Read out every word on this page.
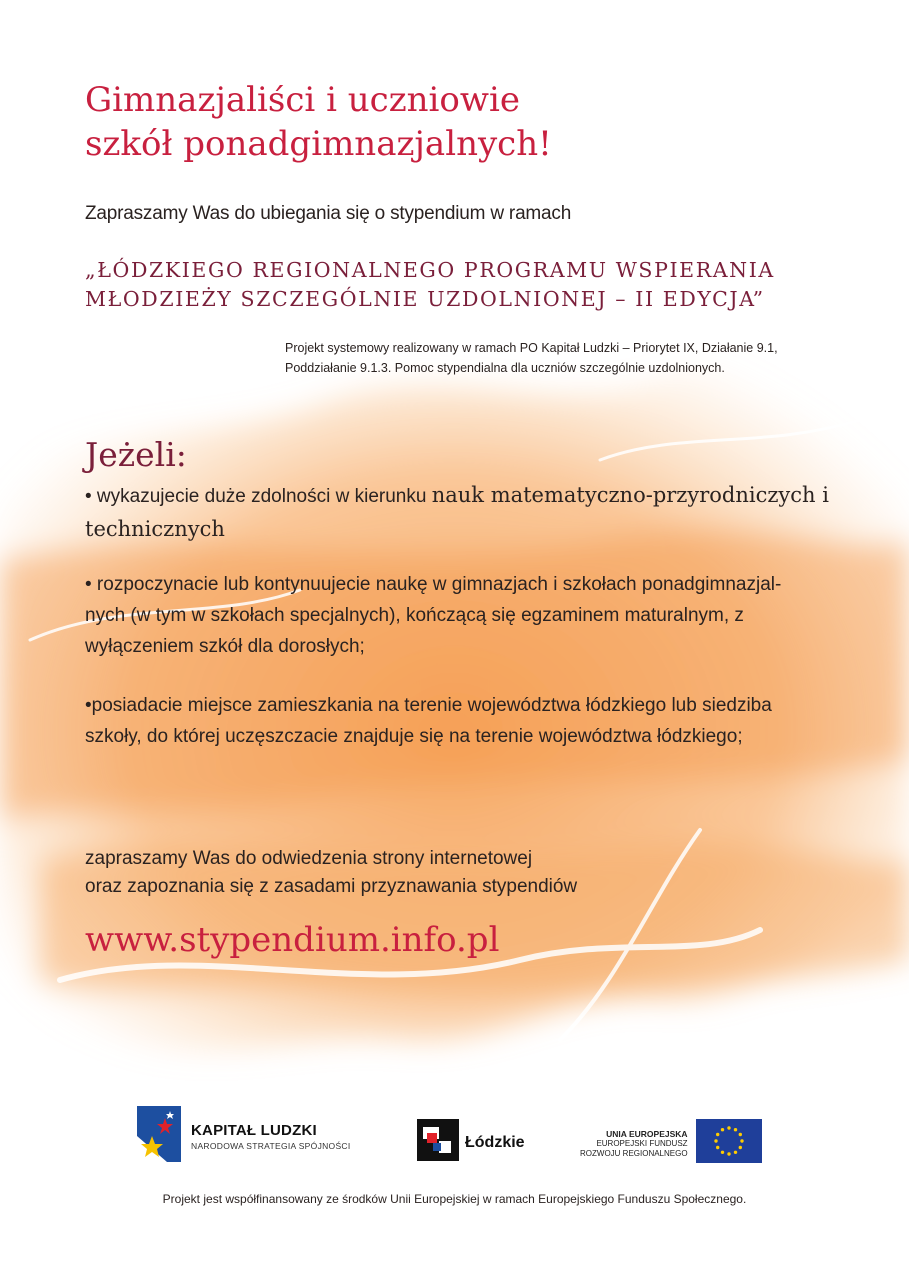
Gimnazjaliści i uczniowie
szkół ponadgimnazjalnych!
Zapraszamy Was do ubiegania się o stypendium w ramach
„ŁÓDZKIEGO REGIONALNEGO PROGRAMU WSPIERANIA
MŁODZIEŻY SZCZEGÓLNIE UZDOLNIONEJ – II EDYCJA”
Projekt systemowy realizowany w ramach PO Kapitał Ludzki – Priorytet IX, Działanie 9.1,
Poddziałanie 9.1.3. Pomoc stypendialna dla uczniów szczególnie uzdolnionych.
Jeżeli:
• wykazujecie duże zdolności w kierunku nauk matematyczno-przyrodniczych i technicznych
• rozpoczynacie lub kontynuujecie naukę w gimnazjach i szkołach ponadgimnazjal-
nych (w tym w szkołach specjalnych), kończącą się egzaminem maturalnym, z
wyłączeniem szkół dla dorosłych;
•posiadacie miejsce zamieszkania na terenie województwa łódzkiego lub siedziba
szkoły, do której uczęszczacie znajduje się na terenie województwa łódzkiego;
zapraszamy Was do odwiedzenia strony internetowej
oraz zapoznania się z zasadami przyznawania stypendiów
www.stypendium.info.pl
KAPITAŁ LUDZKI
NARODOWA STRATEGIA SPÓJNOŚCI	Łódzkie	UNIA EUROPEJSKA
EUROPEJSKI FUNDUSZ
ROZWOJU REGIONALNEGO
Projekt jest współfinansowany ze środków Unii Europejskiej w ramach Europejskiego Funduszu Społecznego.
